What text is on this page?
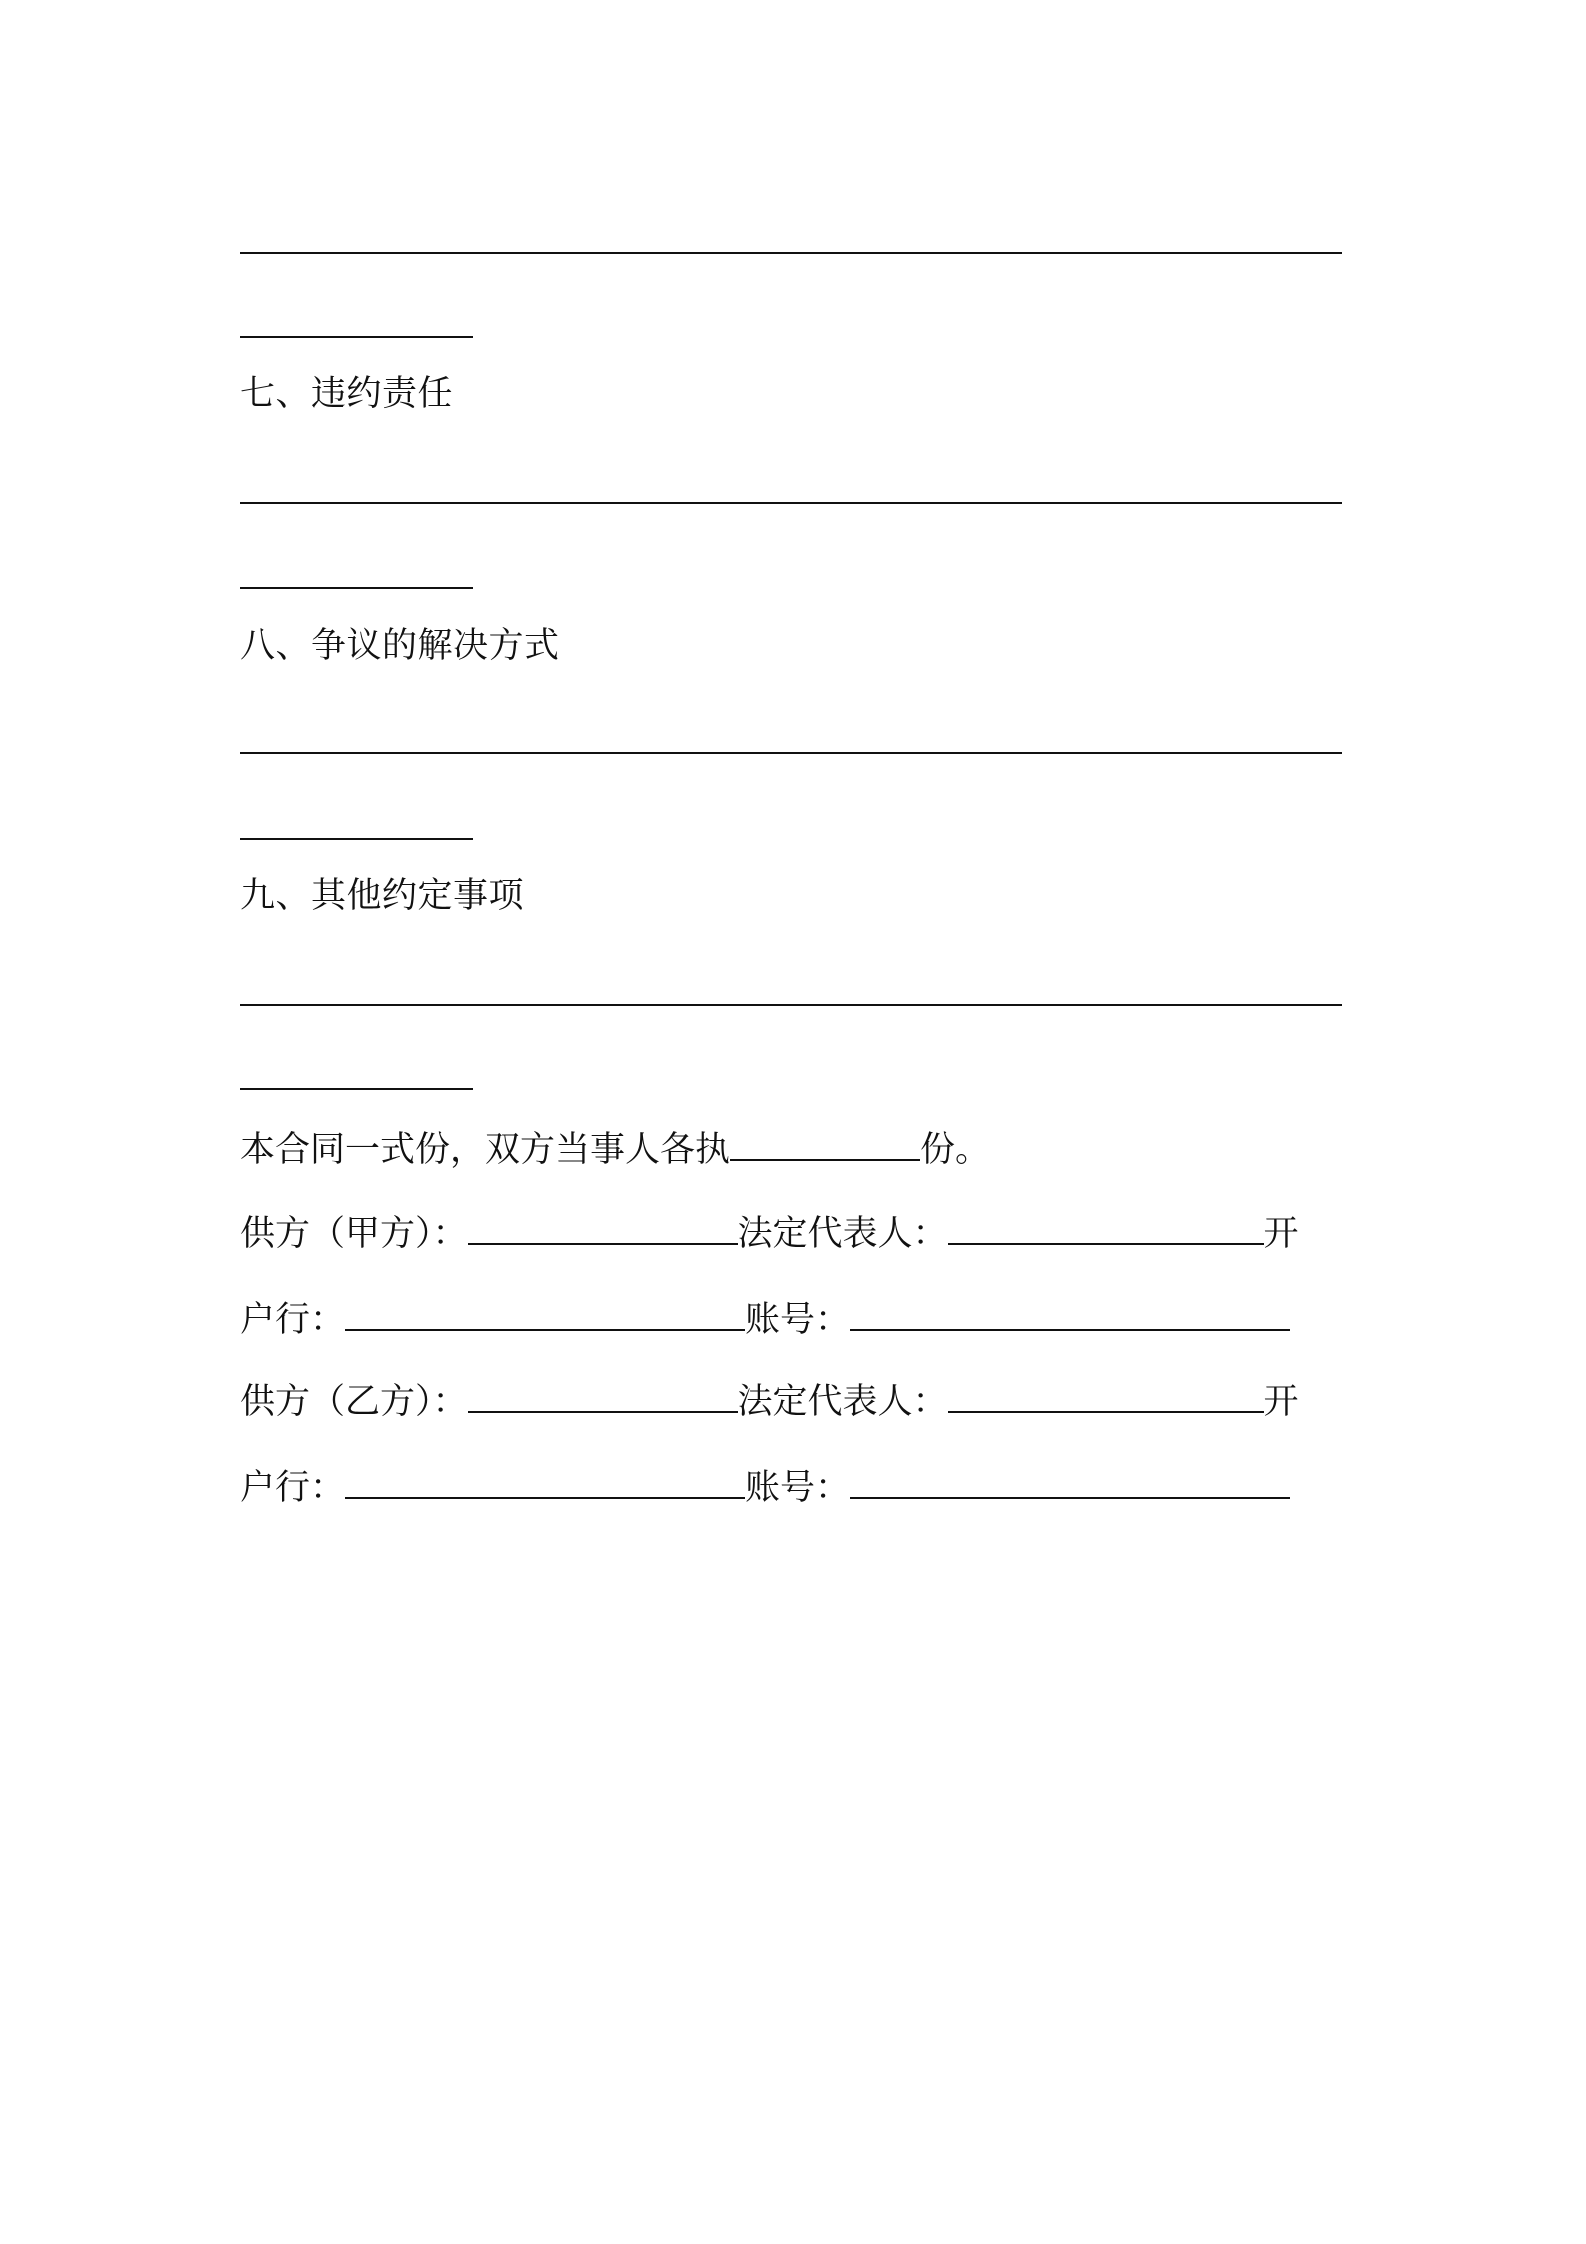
七、违约责任
八、争议的解决方式
九、其他约定事项
本合同一式份，双方当事人各执	份。
供方（甲方）：	法定代表人：	开
户行：	账号：
供方（乙方）：	法定代表人：	开
户行：	账号：
